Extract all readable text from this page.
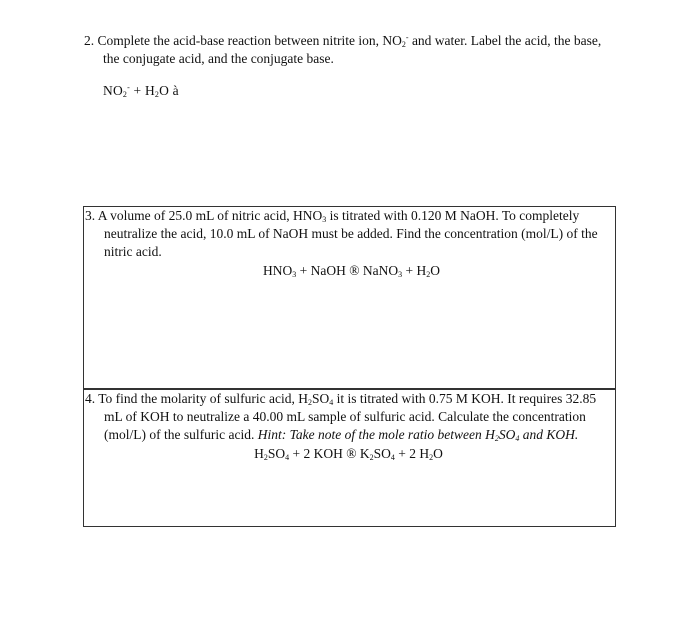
2. Complete the acid-base reaction between nitrite ion, $NO_2^-$ and water. Label the acid, the base,
the conjugate acid, and the conjugate base.
$NO_2^- + H_2O$ à
3. A volume of 25.0 mL of nitric acid, $HNO_3$ is titrated with 0.120 M NaOH. To completely
neutralize the acid, 10.0 mL of NaOH must be added. Find the concentration (mol/L) of the
nitric acid.
$HNO_3$ + NaOH ® NaNO$_3$ + $H_2O$
4. To find the molarity of sulfuric acid, $H_2SO_4$ it is titrated with 0.75 M KOH. It requires 32.85
mL of KOH to neutralize a 40.00 mL sample of sulfuric acid. Calculate the concentration
(mol/L) of the sulfuric acid. Hint: Take note of the mole ratio between $H_2SO_4$ and KOH.
$H_2SO_4 + 2$ KOH ® $K_2SO_4 + 2$ $H_2O$
